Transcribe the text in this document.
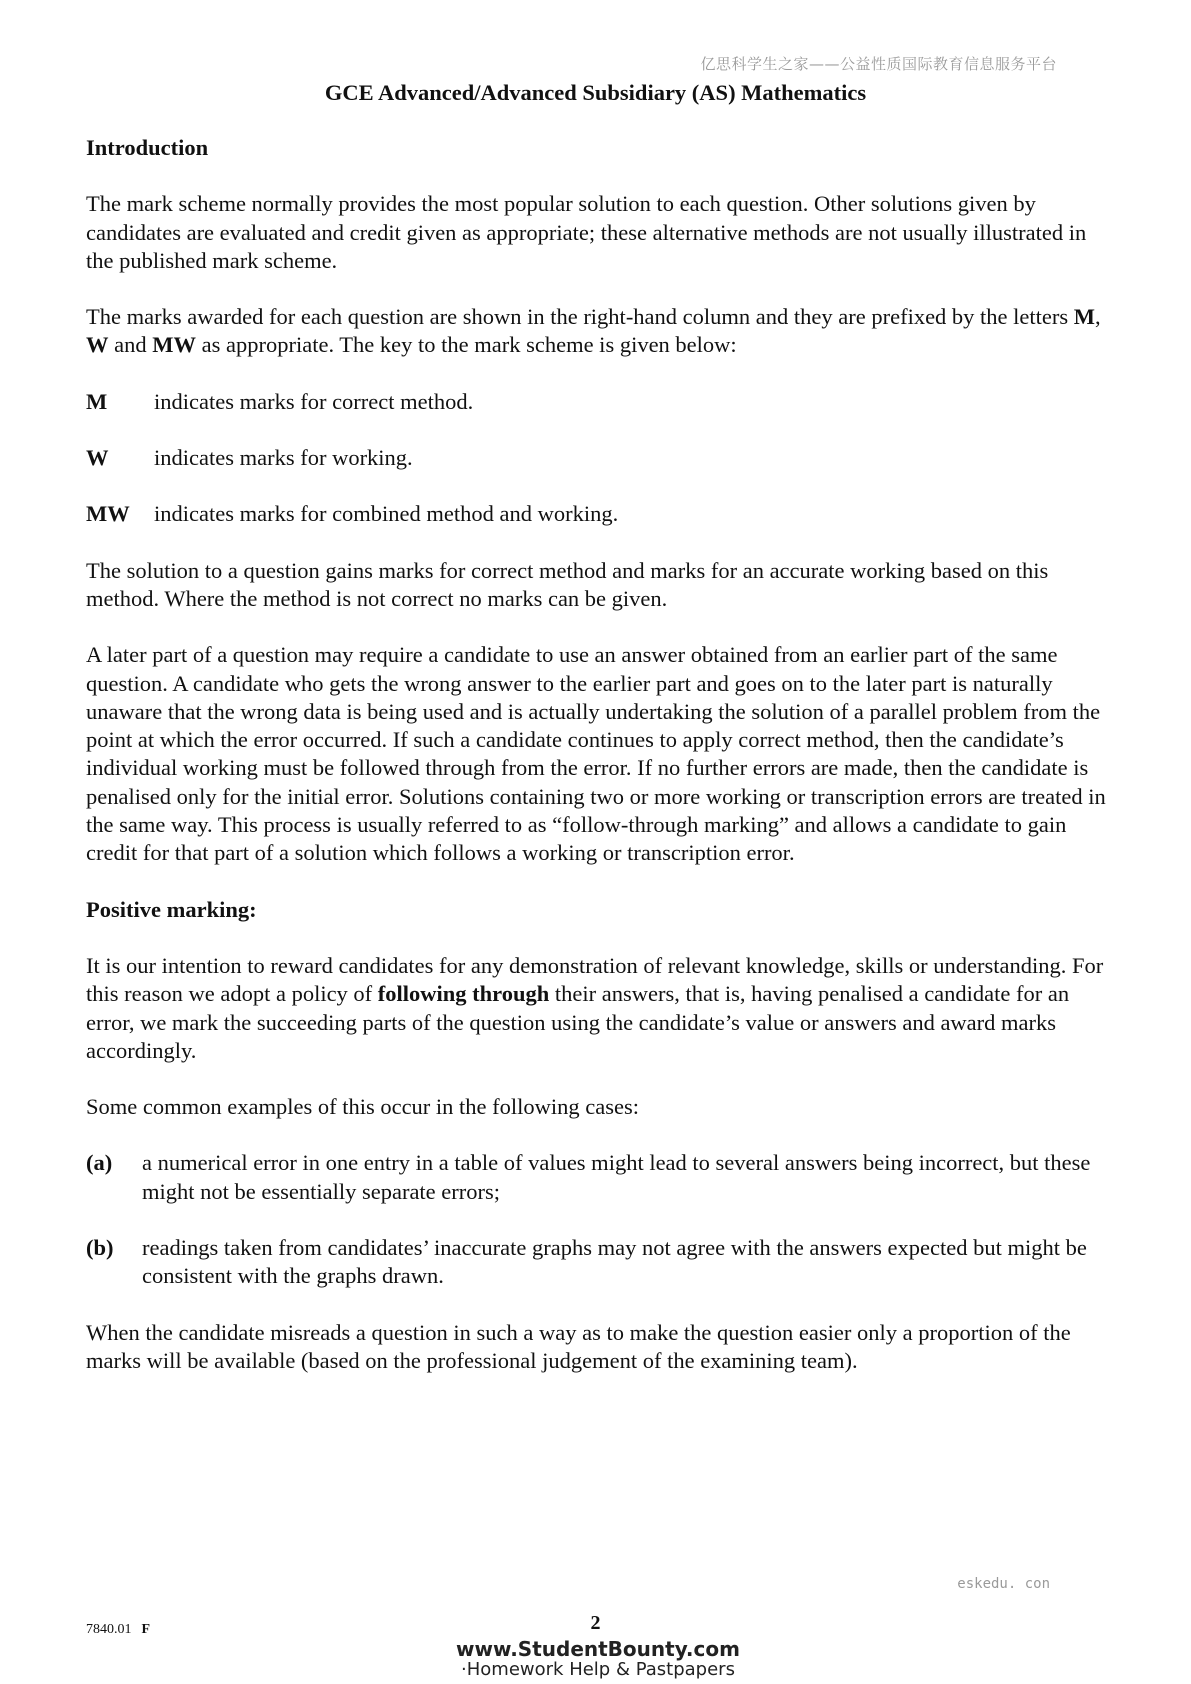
亿思科学生之家——公益性质国际教育信息服务平台
GCE Advanced/Advanced Subsidiary (AS) Mathematics

Introduction

The mark scheme normally provides the most popular solution to each question. Other solutions given by candidates are evaluated and credit given as appropriate; these alternative methods are not usually illustrated in the published mark scheme.

The marks awarded for each question are shown in the right-hand column and they are prefixed by the letters M, W and MW as appropriate. The key to the mark scheme is given below:

M	indicates marks for correct method.
W	indicates marks for working.
MW	indicates marks for combined method and working.

The solution to a question gains marks for correct method and marks for an accurate working based on this method. Where the method is not correct no marks can be given.

A later part of a question may require a candidate to use an answer obtained from an earlier part of the same question. A candidate who gets the wrong answer to the earlier part and goes on to the later part is naturally unaware that the wrong data is being used and is actually undertaking the solution of a parallel problem from the point at which the error occurred. If such a candidate continues to apply correct method, then the candidate’s individual working must be followed through from the error. If no further errors are made, then the candidate is penalised only for the initial error. Solutions containing two or more working or transcription errors are treated in the same way. This process is usually referred to as “follow-through marking” and allows a candidate to gain credit for that part of a solution which follows a working or transcription error.

Positive marking:

It is our intention to reward candidates for any demonstration of relevant knowledge, skills or understanding. For this reason we adopt a policy of following through their answers, that is, having penalised a candidate for an error, we mark the succeeding parts of the question using the candidate’s value or answers and award marks accordingly.

Some common examples of this occur in the following cases:

(a)	a numerical error in one entry in a table of values might lead to several answers being incorrect, but these might not be essentially separate errors;
(b)	readings taken from candidates’ inaccurate graphs may not agree with the answers expected but might be consistent with the graphs drawn.

When the candidate misreads a question in such a way as to make the question easier only a proportion of the marks will be available (based on the professional judgement of the examining team).

eskedu. con
7840.01 F	2
www.StudentBounty.com
·Homework Help & Pastpapers
